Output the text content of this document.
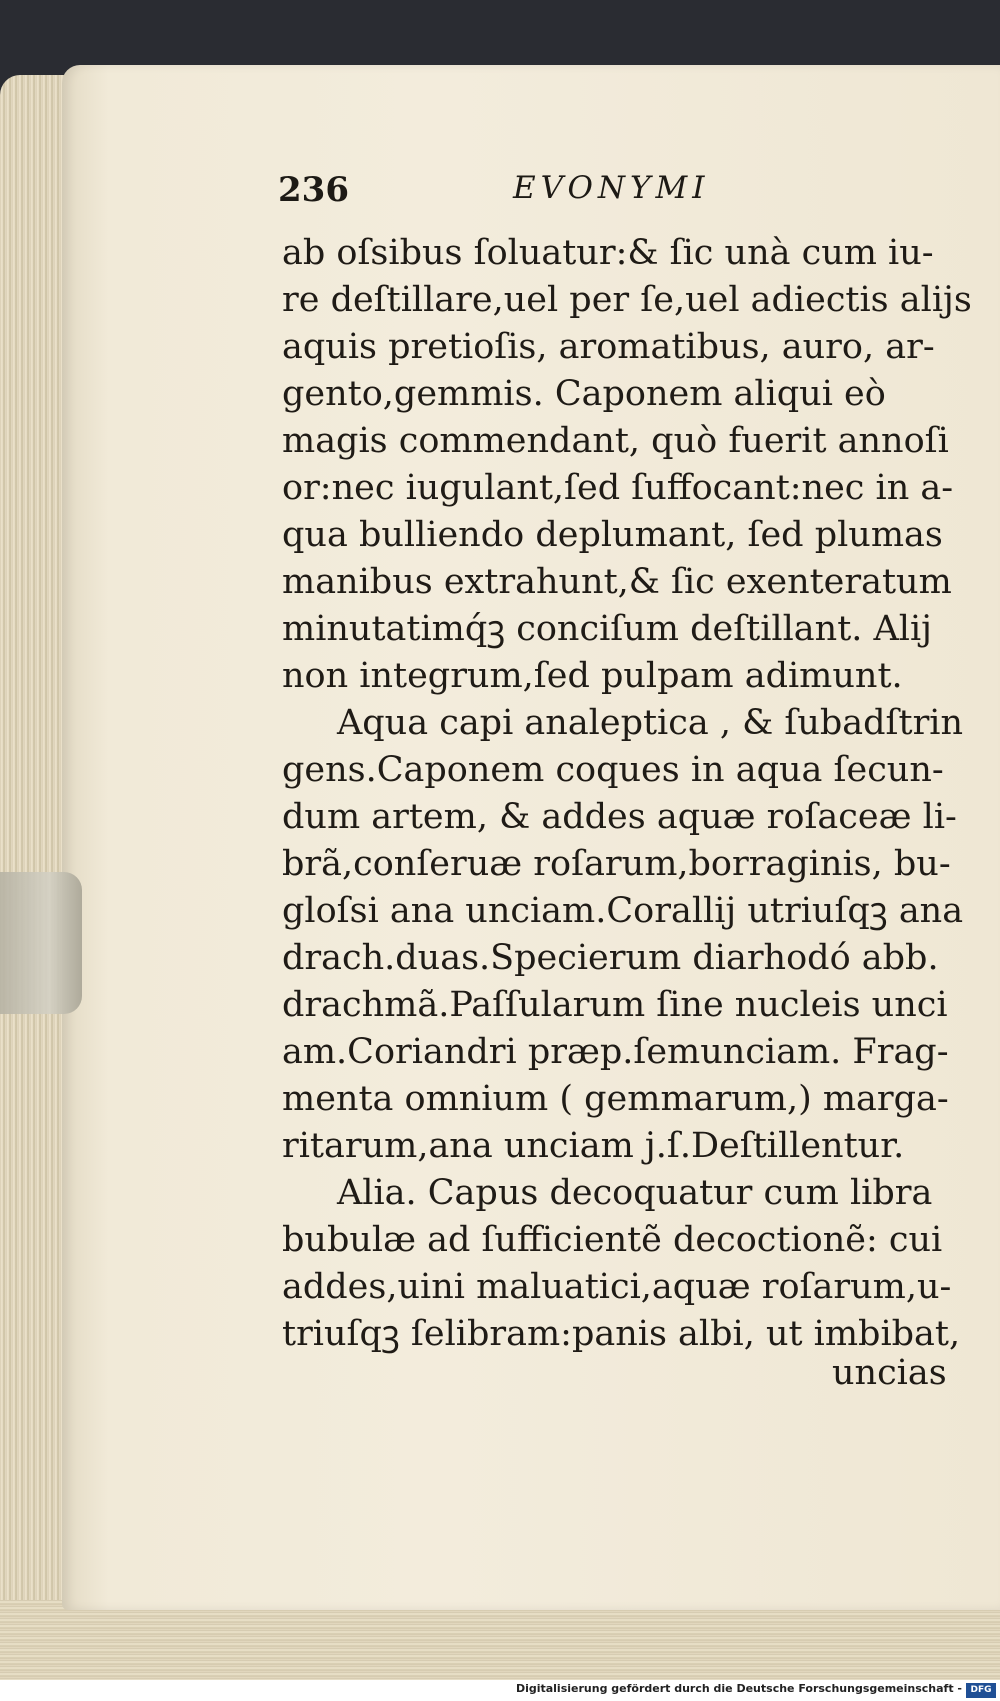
236	EVONYMI
ab oſsibus ſoluatur:& ſic unà cum iu-
re deſtillare,uel per ſe,uel adiectis alijs
aquis pretioſis, aromatibus, auro, ar-
gento,gemmis. Caponem aliqui eò
magis commendant, quò fuerit annoſi
or:nec iugulant,ſed ſuffocant:nec in a-
qua bulliendo deplumant, ſed plumas
manibus extrahunt,& ſic exenteratum
minutatimq́ꝫ conciſum deſtillant. Alij
non integrum,ſed pulpam adimunt.
Aqua capi analeptica , & ſubadſtrin
gens.Caponem coques in aqua ſecun-
dum artem, & addes aquæ roſaceæ li-
brã,conſeruæ roſarum,borraginis, bu-
gloſsi ana unciam.Corallij utriuſqꝫ ana
drach.duas.Specierum diarhodó abb.
drachmã.Paſſularum ſine nucleis unci
am.Coriandri præp.ſemunciam. Frag-
menta omnium ( gemmarum,) marga-
ritarum,ana unciam j.ſ.Deſtillentur.
Alia. Capus decoquatur cum libra
bubulæ ad ſufficientẽ decoctionẽ: cui
addes,uini maluatici,aquæ roſarum,u-
triuſqꝫ ſelibram:panis albi, ut imbibat,
uncias
Digitalisierung gefördert durch die Deutsche Forschungsgemeinschaft - DFG
